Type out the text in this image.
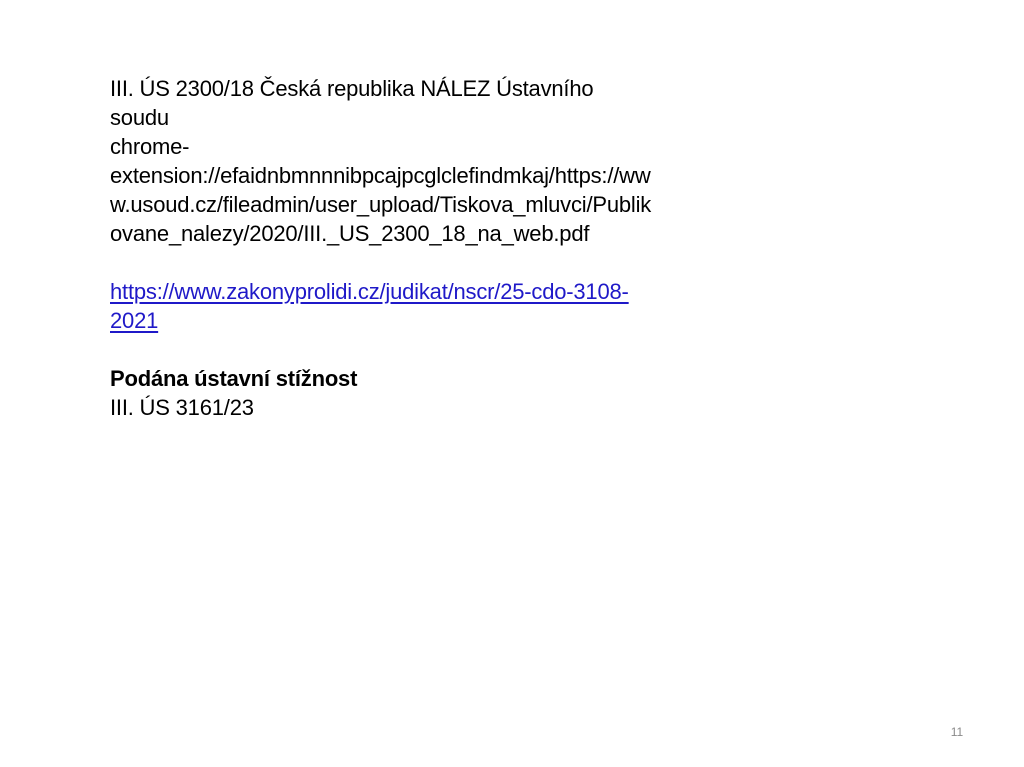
III. ÚS 2300/18 Česká republika NÁLEZ Ústavního
soudu
chrome-
extension://efaidnbmnnnibpcajpcglclefindmkaj/https://ww
w.usoud.cz/fileadmin/user_upload/Tiskova_mluvci/Publik
ovane_nalezy/2020/III._US_2300_18_na_web.pdf
https://www.zakonyprolidi.cz/judikat/nscr/25-cdo-3108-
2021
Podána ústavní stížnost
III. ÚS 3161/23
11
